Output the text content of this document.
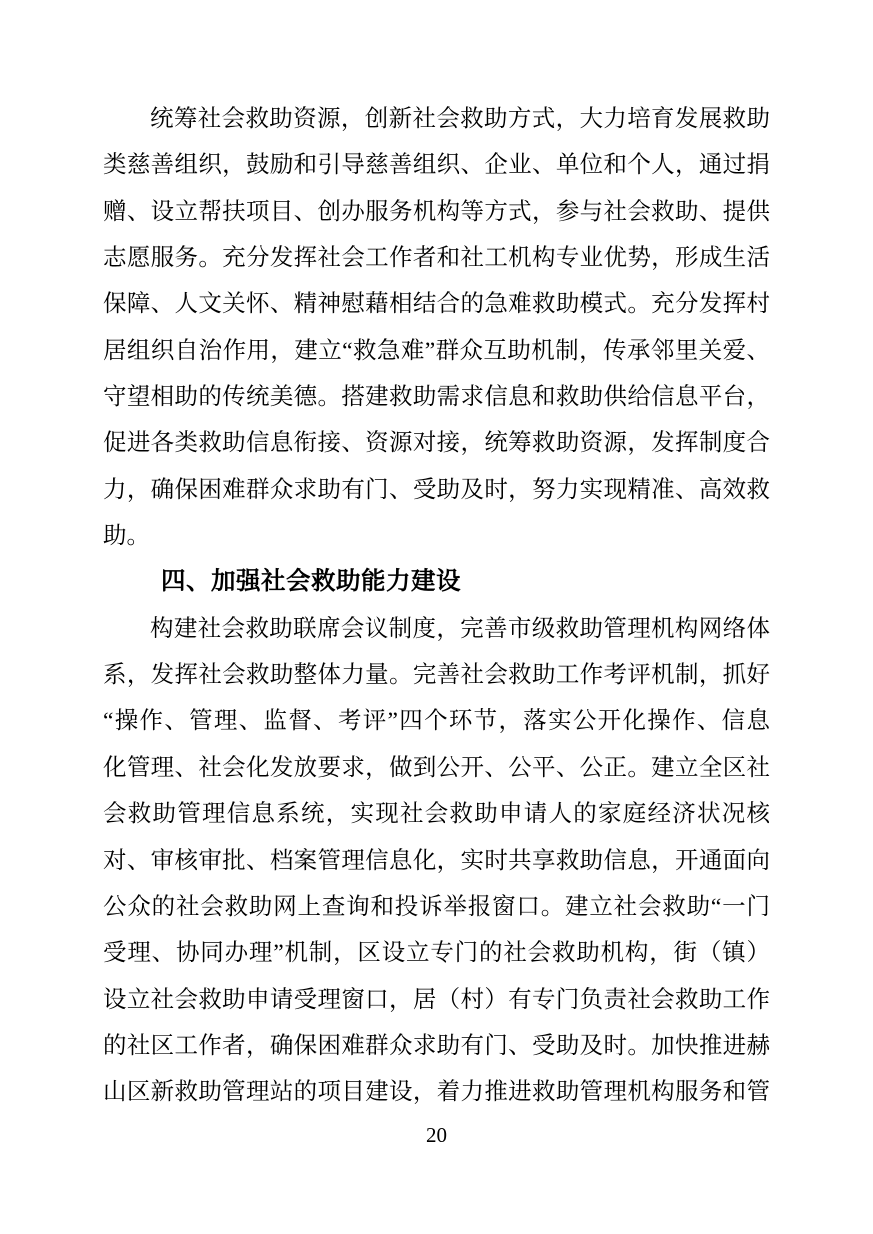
统筹社会救助资源，创新社会救助方式，大力培育发展救助
类慈善组织，鼓励和引导慈善组织、企业、单位和个人，通过捐
赠、设立帮扶项目、创办服务机构等方式，参与社会救助、提供
志愿服务。充分发挥社会工作者和社工机构专业优势，形成生活
保障、人文关怀、精神慰藉相结合的急难救助模式。充分发挥村
居组织自治作用，建立“救急难”群众互助机制，传承邻里关爱、
守望相助的传统美德。搭建救助需求信息和救助供给信息平台，
促进各类救助信息衔接、资源对接，统筹救助资源，发挥制度合
力，确保困难群众求助有门、受助及时，努力实现精准、高效救
助。
四、加强社会救助能力建设
构建社会救助联席会议制度，完善市级救助管理机构网络体
系，发挥社会救助整体力量。完善社会救助工作考评机制，抓好
“操作、管理、监督、考评”四个环节，落实公开化操作、信息
化管理、社会化发放要求，做到公开、公平、公正。建立全区社
会救助管理信息系统，实现社会救助申请人的家庭经济状况核
对、审核审批、档案管理信息化，实时共享救助信息，开通面向
公众的社会救助网上查询和投诉举报窗口。建立社会救助“一门
受理、协同办理”机制，区设立专门的社会救助机构，街（镇）
设立社会救助申请受理窗口，居（村）有专门负责社会救助工作
的社区工作者，确保困难群众求助有门、受助及时。加快推进赫
山区新救助管理站的项目建设，着力推进救助管理机构服务和管
20
